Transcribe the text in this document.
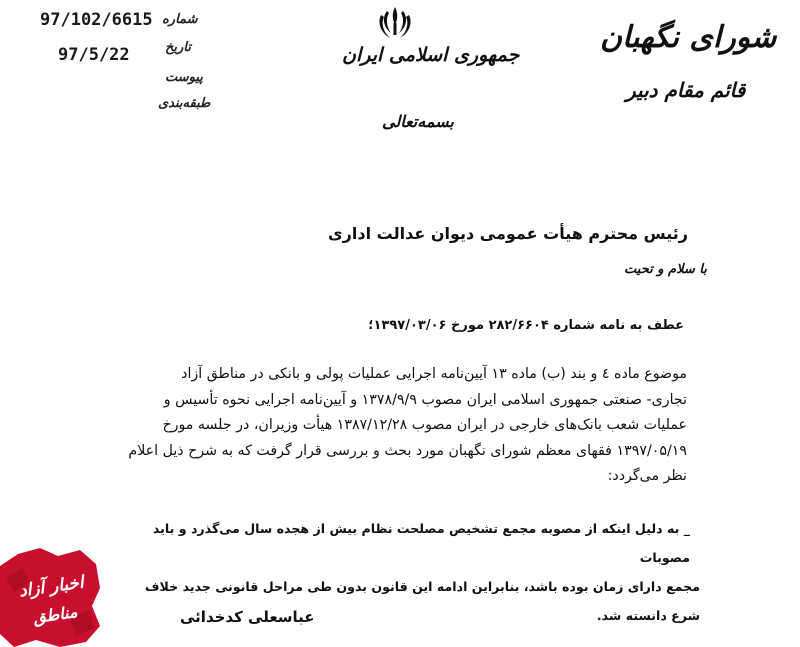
97/102/6615 شماره
97/5/22	تاریخ
پیوست
طبقه‌بندی
جمهوری اسلامی ایران
بسمه‌تعالی
شورای نگهبان
قائم مقام دبیر
رئیس محترم هیأت عمومی دیوان عدالت اداری
با سلام و تحیت
عطف به نامه شماره ۲۸۲/۶۶۰۴ مورخ ۱۳۹۷/۰۳/۰۶؛
موضوع ماده ٤ و بند (ب) ماده ۱۳ آیین‌نامه اجرایی عملیات پولی و بانکی در مناطق آزاد
تجاری- صنعتی جمهوری اسلامی ایران مصوب ۱۳۷۸/۹/۹ و آیین‌نامه اجرایی نحوه تأسیس و
عملیات شعب بانک‌های خارجی در ایران مصوب ۱۳۸۷/۱۲/۲۸ هیأت وزیران، در جلسه مورخ
۱۳۹۷/۰۵/۱۹ فقهای معظم شورای نگهبان مورد بحث و بررسی قرار گرفت که به شرح ذیل اعلام
نظر می‌گردد:
_ به دلیل اینکه از مصوبه مجمع تشخیص مصلحت نظام بیش از هجده سال می‌گذرد و باید مصوبات
مجمع دارای زمان بوده باشد، بنابراین ادامه این قانون بدون طی مراحل قانونی جدید خلاف شرع دانسته شد.
عباسعلی کدخدائی
اخبار آزاد
مناطق
